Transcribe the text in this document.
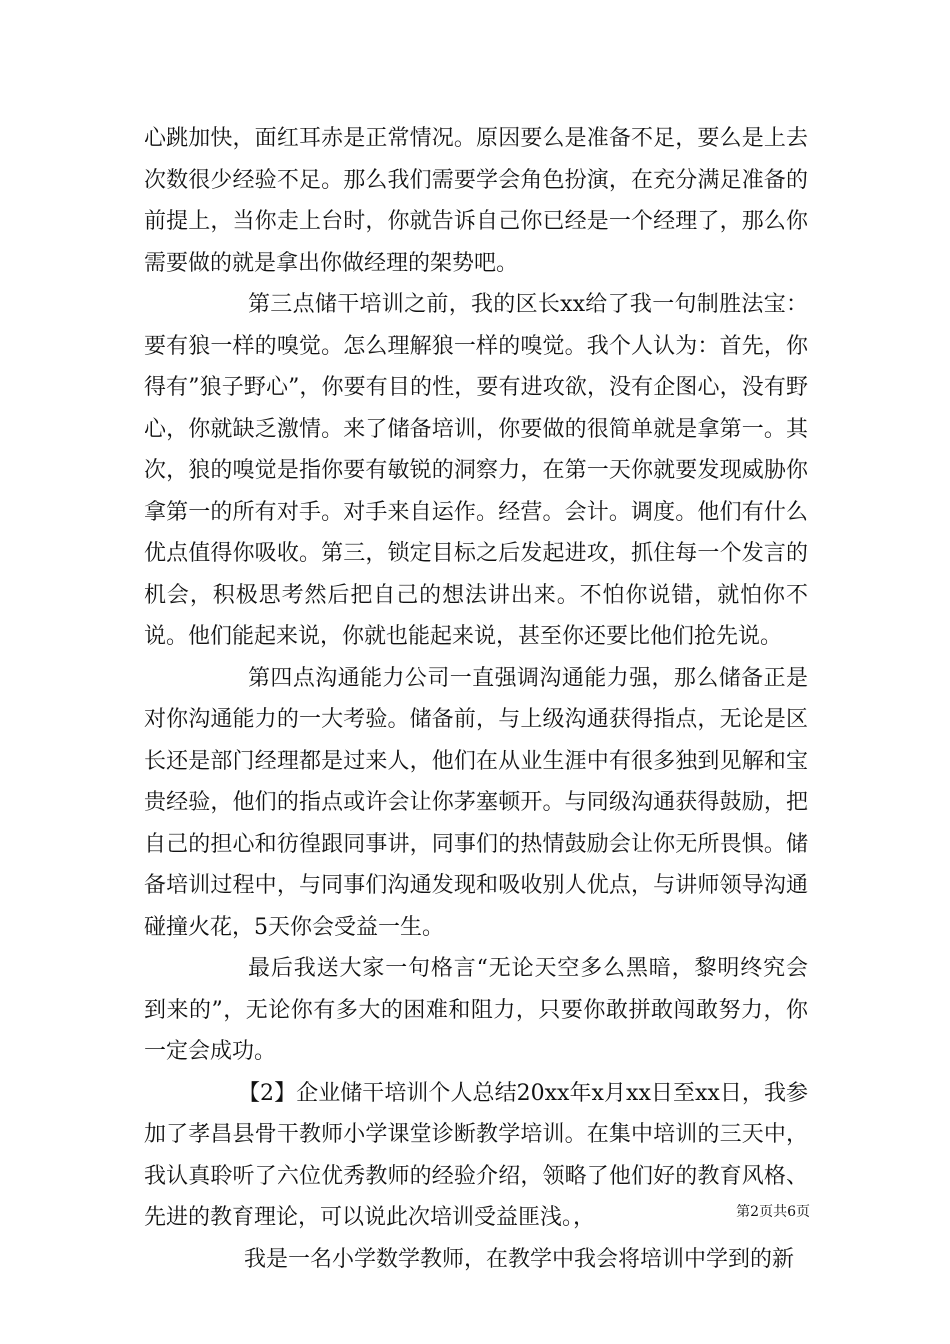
心跳加快，面红耳赤是正常情况。原因要么是准备不足，要么是上去次数很少经验不足。那么我们需要学会角色扮演，在充分满足准备的前提上，当你走上台时，你就告诉自己你已经是一个经理了，那么你需要做的就是拿出你做经理的架势吧。

第三点储干培训之前，我的区长xx给了我一句制胜法宝：要有狼一样的嗅觉。怎么理解狼一样的嗅觉。我个人认为：首先，你得有”狼子野心”，你要有目的性，要有进攻欲，没有企图心，没有野心，你就缺乏激情。来了储备培训，你要做的很简单就是拿第一。其次，狼的嗅觉是指你要有敏锐的洞察力，在第一天你就要发现威胁你拿第一的所有对手。对手来自运作。经营。会计。调度。他们有什么优点值得你吸收。第三，锁定目标之后发起进攻，抓住每一个发言的机会，积极思考然后把自己的想法讲出来。不怕你说错，就怕你不说。他们能起来说，你就也能起来说，甚至你还要比他们抢先说。

第四点沟通能力公司一直强调沟通能力强，那么储备正是对你沟通能力的一大考验。储备前，与上级沟通获得指点，无论是区长还是部门经理都是过来人，他们在从业生涯中有很多独到见解和宝贵经验，他们的指点或许会让你茅塞顿开。与同级沟通获得鼓励，把自己的担心和彷徨跟同事讲，同事们的热情鼓励会让你无所畏惧。储备培训过程中，与同事们沟通发现和吸收别人优点，与讲师领导沟通碰撞火花，5天你会受益一生。

最后我送大家一句格言“无论天空多么黑暗，黎明终究会到来的”，无论你有多大的困难和阻力，只要你敢拼敢闯敢努力，你一定会成功。

【2】企业储干培训个人总结20xx年x月xx日至xx日，我参加了孝昌县骨干教师小学课堂诊断教学培训。在集中培训的三天中，我认真聆听了六位优秀教师的经验介绍，领略了他们好的教育风格、先进的教育理论，可以说此次培训受益匪浅。，

我是一名小学数学教师，在教学中我会将培训中学到的新

第2页共6页
